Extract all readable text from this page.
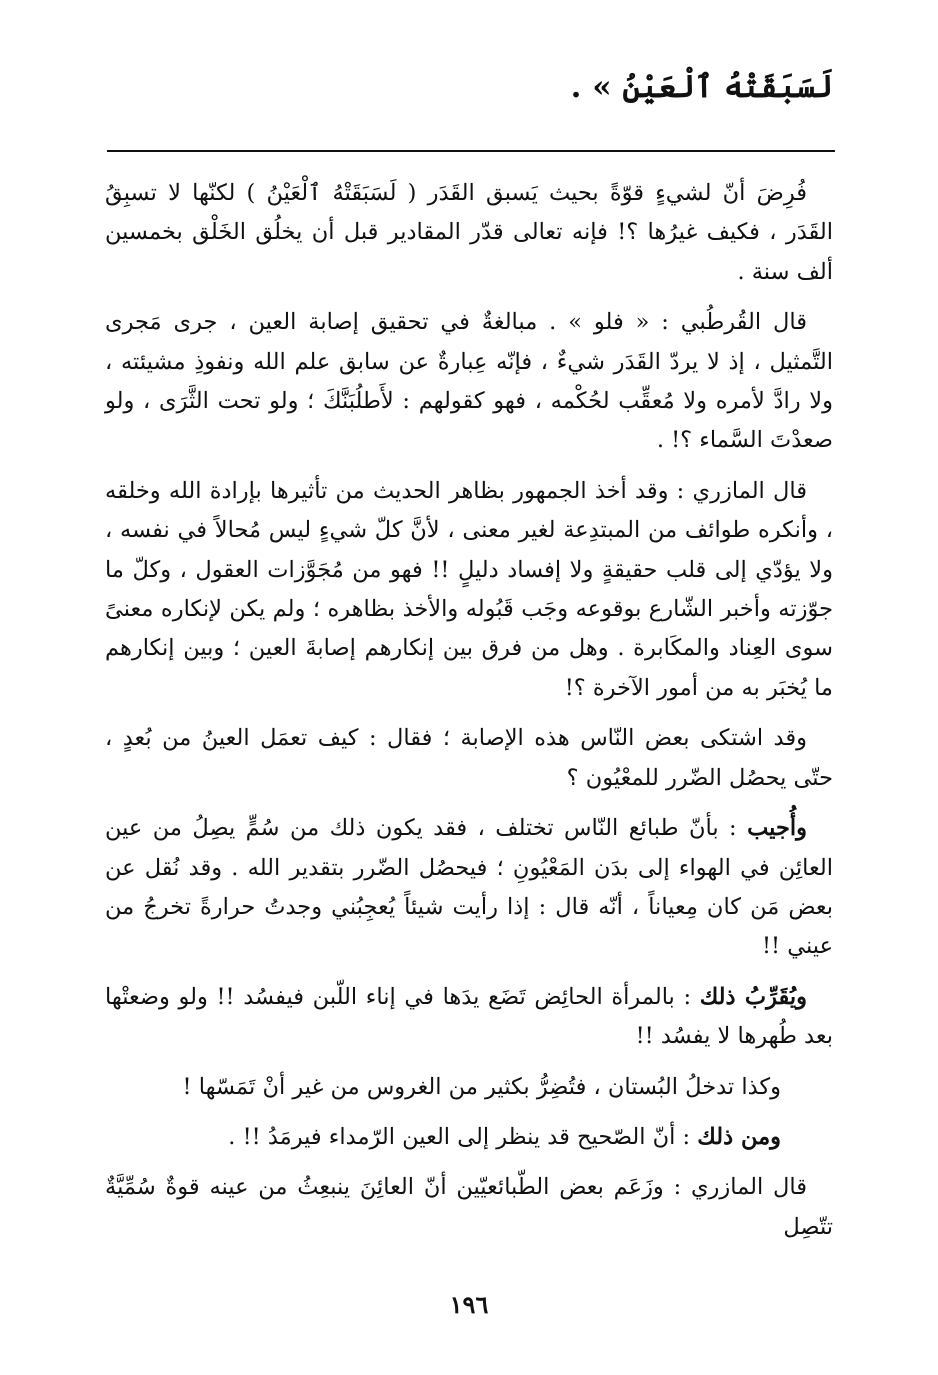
لَسَبَقَتْهُ ٱلْعَيْنُ » .

فُرِضَ أنّ لشيءٍ قوّةً بحيث يَسبق القَدَر ( لَسَبَقَتْهُ ٱلْعَيْنُ ) لكنّها لا تسبِقُ القَدَر ، فكيف غيرُها ؟! فإنه تعالى قدّر المقادير قبل أن يخلُق الخَلْق بخمسين ألف سنة .

قال القُرطُبي : « فلو » . مبالغةٌ في تحقيق إصابة العين ، جرى مَجرى التَّمثيل ، إذ لا يردّ القَدَر شيءٌ ، فإنّه عِبارةٌ عن سابق علم الله ونفوذِ مشيئته ، ولا رادَّ لأمره ولا مُعقِّب لحُكْمه ، فهو كقولهم : لأَطلُبَنَّكَ ؛ ولو تحت الثَّرَى ، ولو صعدْتَ السَّماء ؟! .

قال المازري : وقد أخذ الجمهور بظاهر الحديث من تأثيرها بإرادة الله وخلقه ، وأنكره طوائف من المبتدِعة لغير معنى ، لأنَّ كلّ شيءٍ ليس مُحالاً في نفسه ، ولا يؤدّي إلى قلب حقيقةٍ ولا إفساد دليلٍ !! فهو من مُجَوَّزات العقول ، وكلّ ما جوّزته وأخبر الشّارع بوقوعه وجَب قَبُوله والأخذ بظاهره ؛ ولم يكن لإنكاره معنىً سوى العِناد والمكَابرة . وهل من فرق بين إنكارهم إصابةَ العين ؛ وبين إنكارهم ما يُخبَر به من أمور الآخرة ؟!

وقد اشتكى بعض النّاس هذه الإصابة ؛ فقال : كيف تعمَل العينُ من بُعدٍ ، حتّى يحصُل الضّرر للمعْيُون ؟

وأُجيب : بأنّ طبائع النّاس تختلف ، فقد يكون ذلك من سُمٍّ يصِلُ من عين العائِن في الهواء إلى بدَن المَعْيُونِ ؛ فيحصُل الضّرر بتقدير الله . وقد نُقل عن بعض مَن كان مِعياناً ، أنّه قال : إذا رأيت شيئاً يُعجِبُني وجدتُ حرارةً تخرجُ من عيني !!

ويُقَرِّبُ ذلك : بالمرأة الحائِض تَضَع يدَها في إناء اللّبن فيفسُد !! ولو وضعتْها بعد طُهرها لا يفسُد !!

وكذا تدخلُ البُستان ، فتُضِرُّ بكثير من الغروس من غير أنْ تَمَسّها !

ومن ذلك : أنّ الصّحيح قد ينظر إلى العين الرّمداء فيرمَدُ !! .

قال المازري : وزَعَم بعض الطّبائعيّين أنّ العائِنَ ينبعِثُ من عينه قوةٌ سُمِّيَّةٌ تتّصِل

١٩٦
